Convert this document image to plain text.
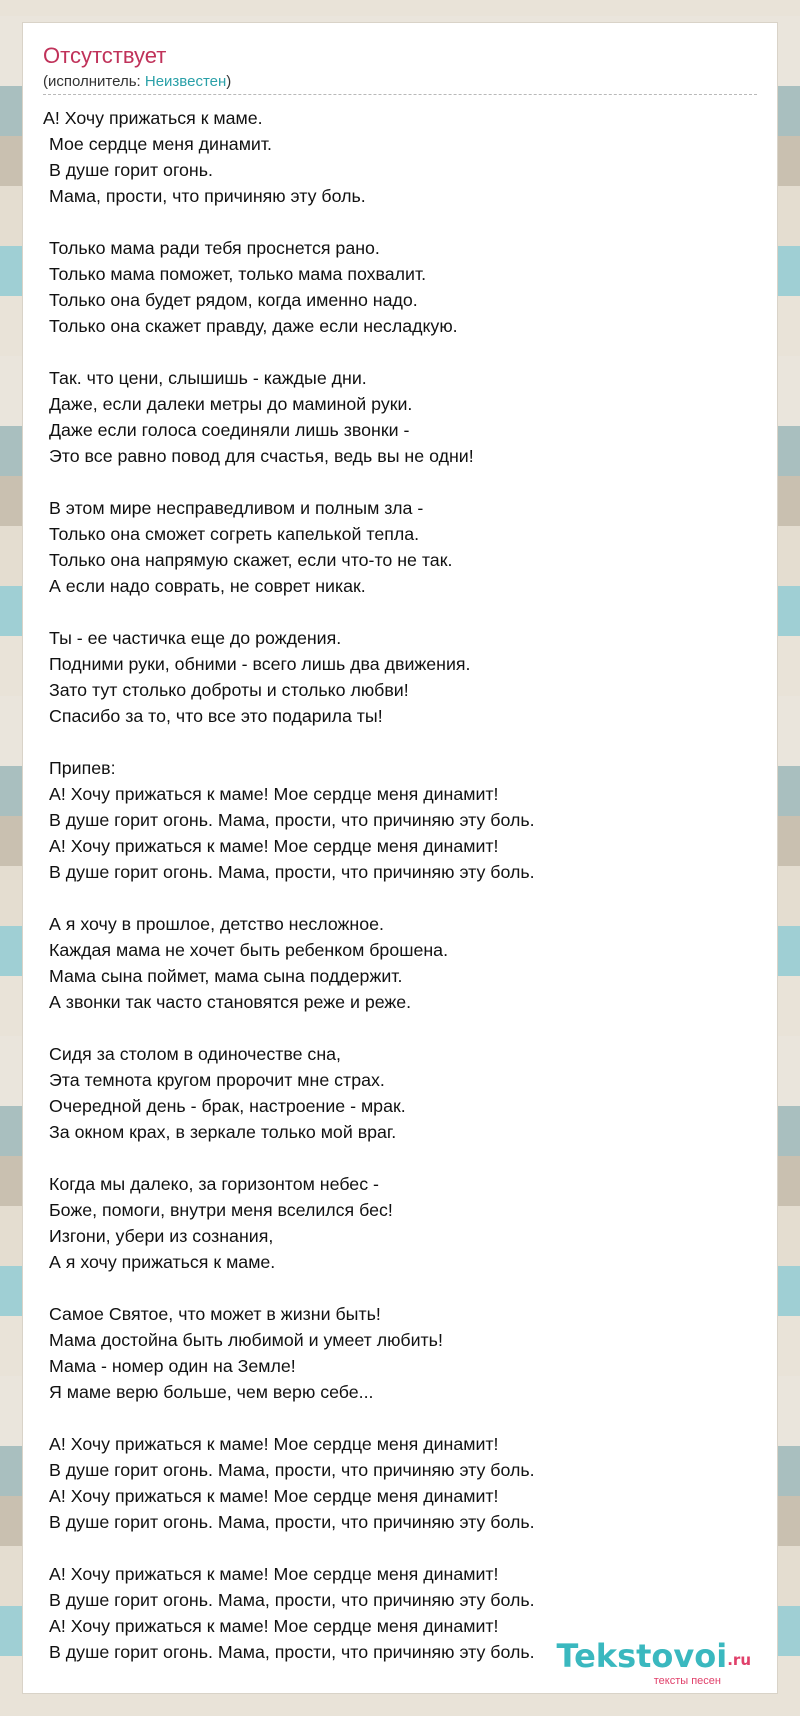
Отсутствует
(исполнитель: Неизвестен)
А! Хочу прижаться к маме.
Мое сердце меня динамит.
В душе горит огонь.
Мама, прости, что причиняю эту боль.
Только мама ради тебя проснется рано.
Только мама поможет, только мама похвалит.
Только она будет рядом, когда именно надо.
Только она скажет правду, даже если несладкую.
Так. что цени, слышишь - каждые дни.
Даже, если далеки метры до маминой руки.
Даже если голоса соединяли лишь звонки -
Это все равно повод для счастья, ведь вы не одни!
В этом мире несправедливом и полным зла -
Только она сможет согреть капелькой тепла.
Только она напрямую скажет, если что-то не так.
А если надо соврать, не соврет никак.
Ты - ее частичка еще до рождения.
Подними руки, обними - всего лишь два движения.
Зато тут столько доброты и столько любви!
Спасибо за то, что все это подарила ты!
Припев:
А! Хочу прижаться к маме! Мое сердце меня динамит!
В душе горит огонь. Мама, прости, что причиняю эту боль.
А! Хочу прижаться к маме! Мое сердце меня динамит!
В душе горит огонь. Мама, прости, что причиняю эту боль.
А я хочу в прошлое, детство несложное.
Каждая мама не хочет быть ребенком брошена.
Мама сына поймет, мама сына поддержит.
А звонки так часто становятся реже и реже.
Сидя за столом в одиночестве сна,
Эта темнота кругом пророчит мне страх.
Очередной день - брак, настроение - мрак.
За окном крах, в зеркале только мой враг.
Когда мы далеко, за горизонтом небес -
Боже, помоги, внутри меня вселился бес!
Изгони, убери из сознания,
А я хочу прижаться к маме.
Самое Святое, что может в жизни быть!
Мама достойна быть любимой и умеет любить!
Мама - номер один на Земле!
Я маме верю больше, чем верю себе...
А! Хочу прижаться к маме! Мое сердце меня динамит!
В душе горит огонь. Мама, прости, что причиняю эту боль.
А! Хочу прижаться к маме! Мое сердце меня динамит!
В душе горит огонь. Мама, прости, что причиняю эту боль.
А! Хочу прижаться к маме! Мое сердце меня динамит!
В душе горит огонь. Мама, прости, что причиняю эту боль.
А! Хочу прижаться к маме! Мое сердце меня динамит!
В душе горит огонь. Мама, прости, что причиняю эту боль. Tekstovoi.ru
тексты песен
